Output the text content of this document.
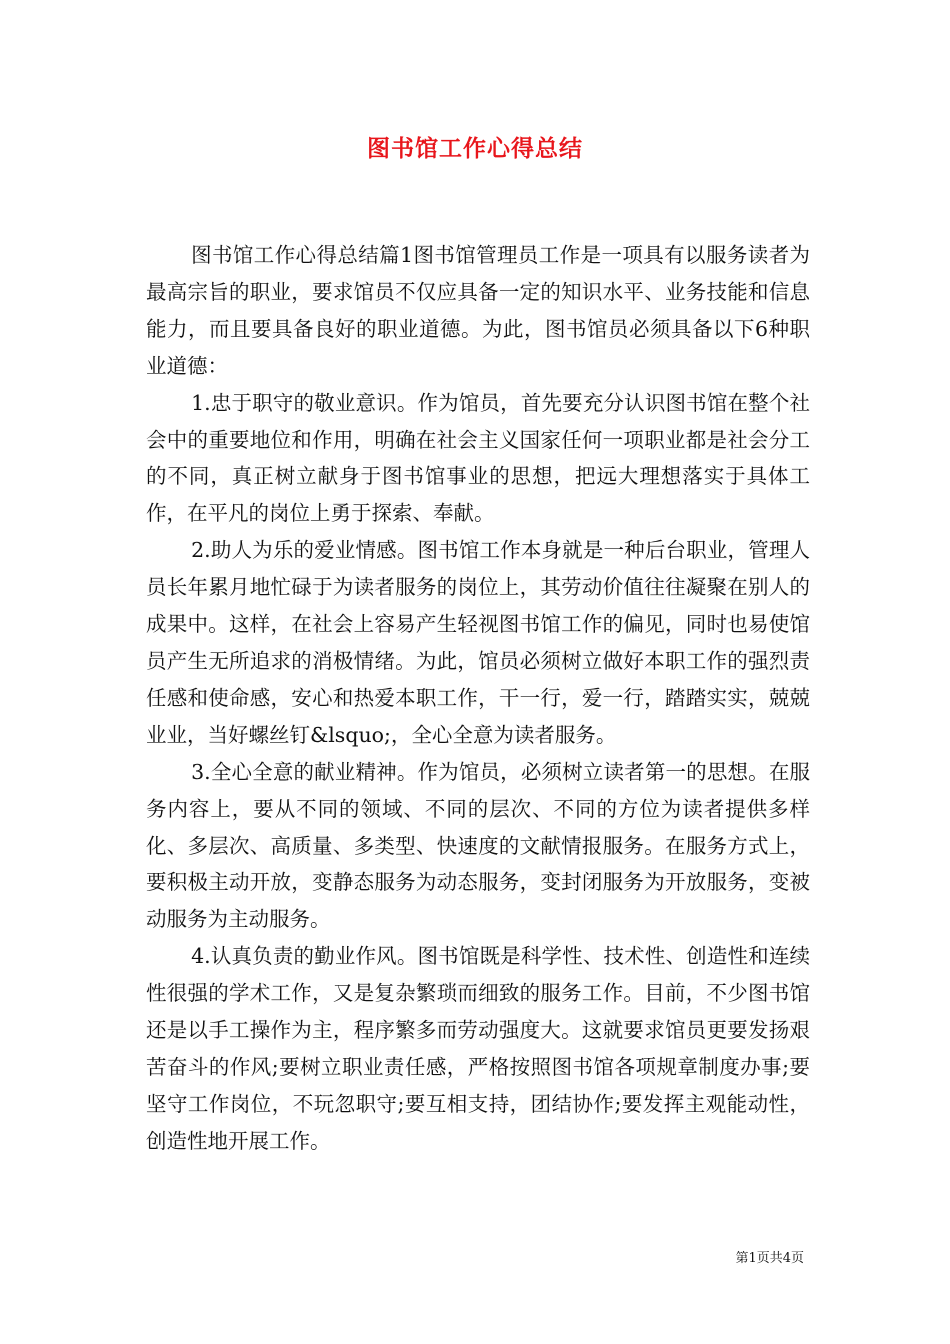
图书馆工作心得总结

图书馆工作心得总结篇1图书馆管理员工作是一项具有以服务读者为最高宗旨的职业，要求馆员不仅应具备一定的知识水平、业务技能和信息能力，而且要具备良好的职业道德。为此，图书馆员必须具备以下6种职业道德：

1.忠于职守的敬业意识。作为馆员，首先要充分认识图书馆在整个社会中的重要地位和作用，明确在社会主义国家任何一项职业都是社会分工的不同，真正树立献身于图书馆事业的思想，把远大理想落实于具体工作，在平凡的岗位上勇于探索、奉献。

2.助人为乐的爱业情感。图书馆工作本身就是一种后台职业，管理人员长年累月地忙碌于为读者服务的岗位上，其劳动价值往往凝聚在别人的成果中。这样，在社会上容易产生轻视图书馆工作的偏见，同时也易使馆员产生无所追求的消极情绪。为此，馆员必须树立做好本职工作的强烈责任感和使命感，安心和热爱本职工作，干一行，爱一行，踏踏实实，兢兢业业，当好螺丝钉&lsquo;，全心全意为读者服务。

3.全心全意的献业精神。作为馆员，必须树立读者第一的思想。在服务内容上，要从不同的领域、不同的层次、不同的方位为读者提供多样化、多层次、高质量、多类型、快速度的文献情报服务。在服务方式上，要积极主动开放，变静态服务为动态服务，变封闭服务为开放服务，变被动服务为主动服务。

4.认真负责的勤业作风。图书馆既是科学性、技术性、创造性和连续性很强的学术工作，又是复杂繁琐而细致的服务工作。目前，不少图书馆还是以手工操作为主，程序繁多而劳动强度大。这就要求馆员更要发扬艰苦奋斗的作风;要树立职业责任感，严格按照图书馆各项规章制度办事;要坚守工作岗位，不玩忽职守;要互相支持，团结协作;要发挥主观能动性，创造性地开展工作。

第1页共4页
